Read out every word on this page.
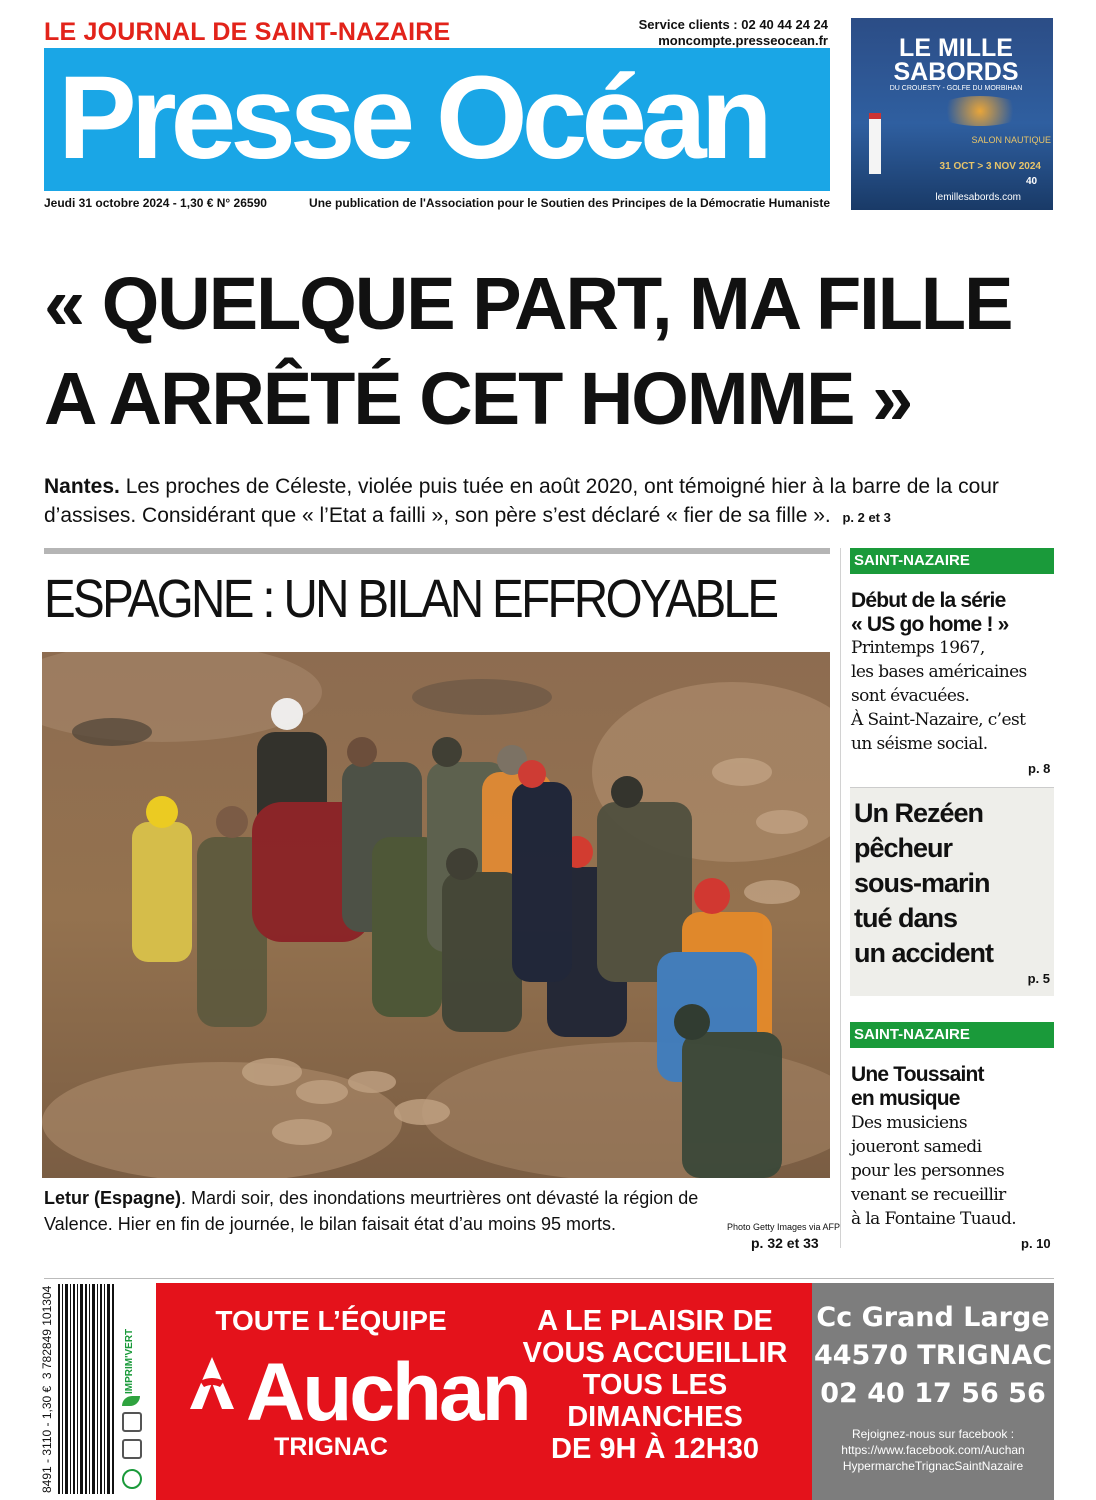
LE JOURNAL DE SAINT-NAZAIRE	Service clients : 02 40 44 24 24
moncompte.presseocean.fr
Presse Océan
Jeudi 31 octobre 2024 - 1,30 € N° 26590	Une publication de l'Association pour le Soutien des Principes de la Démocratie Humaniste
LE MILLE
SABORDS
DU CROUESTY - GOLFE DU MORBIHAN
SALON NAUTIQUE
31 OCT > 3 NOV 2024
40
lemillesabords.com
« QUELQUE PART, MA FILLE
A ARRÊTÉ CET HOMME »
Nantes. Les proches de Céleste, violée puis tuée en août 2020, ont témoigné hier à la barre de la cour d’assises. Considérant que « l’Etat a failli », son père s’est déclaré « fier de sa fille ». p. 2 et 3
ESPAGNE : UN BILAN EFFROYABLE
Letur (Espagne). Mardi soir, des inondations meurtrières ont dévasté la région de Valence. Hier en fin de journée, le bilan faisait état d’au moins 95 morts.	Photo Getty Images via AFP
p. 32 et 33
SAINT-NAZAIRE
Début de la série
« US go home ! »
Printemps 1967,
les bases américaines
sont évacuées.
À Saint-Nazaire, c’est
un séisme social.
p. 8
Un Rezéen
pêcheur
sous-marin
tué dans
un accident
p. 5
SAINT-NAZAIRE
Une Toussaint
en musique
Des musiciens
joueront samedi
pour les personnes
venant se recueillir
à la Fontaine Tuaud.
p. 10
8491 - 3110 - 1,30 €  3 782849 101304	IMPRIM'VERT
TOUTE L’ÉQUIPE
Auchan
TRIGNAC
A LE PLAISIR DE
VOUS ACCUEILLIR
TOUS LES
DIMANCHES
DE 9H À 12H30
Cc Grand Large
44570 TRIGNAC
02 40 17 56 56
Rejoignez-nous sur facebook :
https://www.facebook.com/Auchan
HypermarcheTrignacSaintNazaire
